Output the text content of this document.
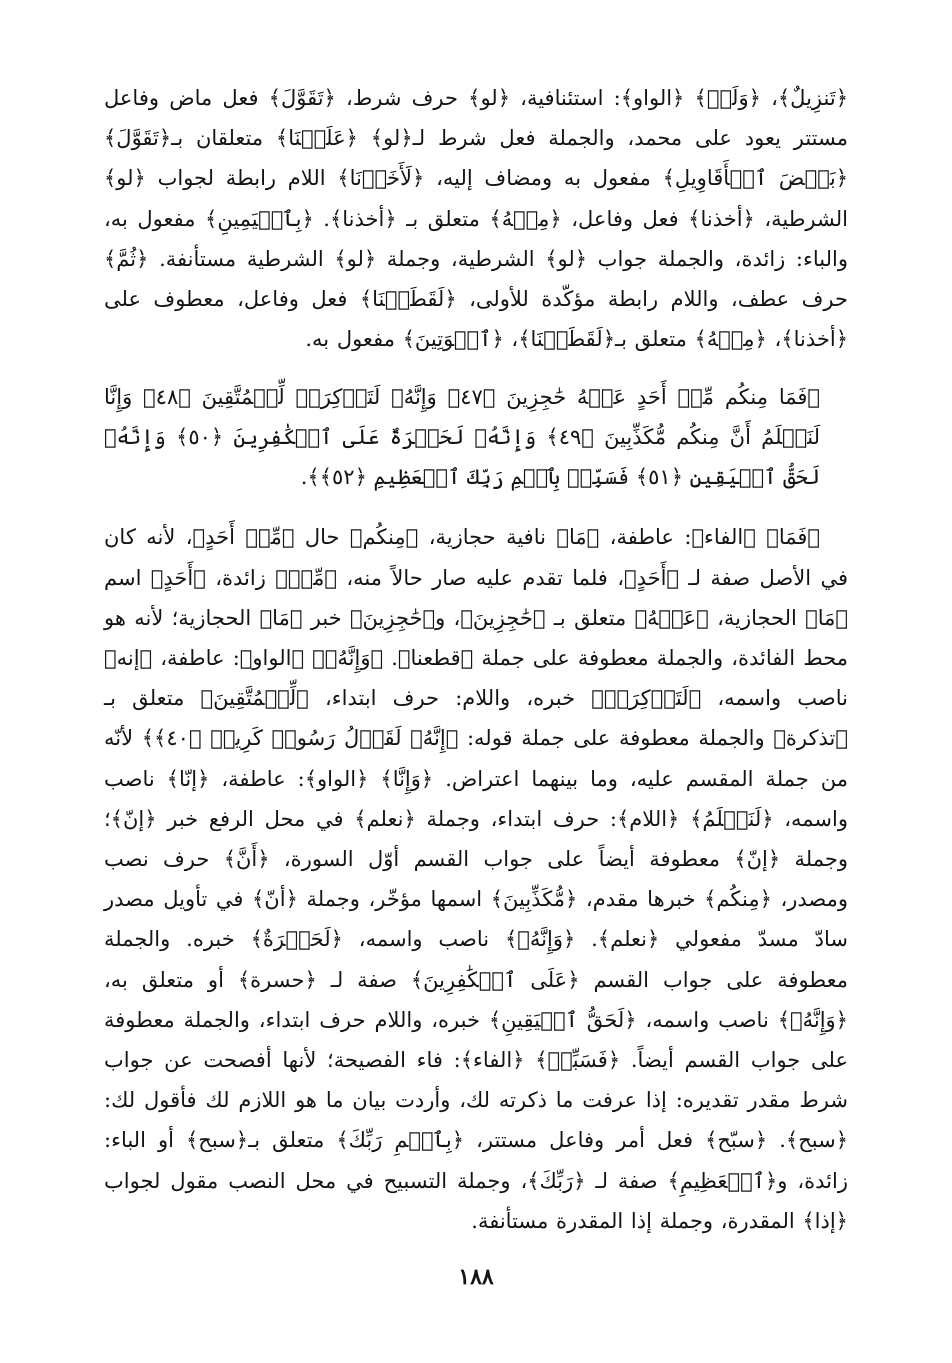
﴿تَنزِيلٌ﴾، ﴿وَلَوۡ﴾ ﴿الواو﴾: استئنافية، ﴿لو﴾ حرف شرط، ﴿تَقَوَّلَ﴾ فعل ماض وفاعل مستتر يعود على محمد، والجملة فعل شرط لـ﴿لو﴾ ﴿عَلَيۡنَا﴾ متعلقان بـ﴿تَقَوَّلَ﴾ ﴿بَعۡضَ ٱلۡأَقَاوِيلِ﴾ مفعول به ومضاف إليه، ﴿لَأَخَذۡنَا﴾ اللام رابطة لجواب ﴿لو﴾ الشرطية، ﴿أخذنا﴾ فعل وفاعل، ﴿مِنۡهُ﴾ متعلق بـ ﴿أخذنا﴾. ﴿بِٱلۡيَمِينِ﴾ مفعول به، والباء: زائدة، والجملة جواب ﴿لو﴾ الشرطية، وجملة ﴿لو﴾ الشرطية مستأنفة. ﴿ثُمَّ﴾ حرف عطف، واللام رابطة مؤكّدة للأولى، ﴿لَقَطَعۡنَا﴾ فعل وفاعل، معطوف على ﴿أخذنا﴾، ﴿مِنۡهُ﴾ متعلق بـ﴿لَقَطَعۡنَا﴾، ﴿ٱلۡوَتِينَ﴾ مفعول به.

﴿فَمَا مِنكُم مِّنۡ أَحَدٍ عَنۡهُ حَٰجِزِينَ ﴿٤٧﴾ وَإِنَّهُۥ لَتَذۡكِرَةٞ لِّلۡمُتَّقِينَ ﴿٤٨﴾ وَإِنَّا لَنَعۡلَمُ أَنَّ مِنكُم مُّكَذِّبِينَ ﴿٤٩﴾ وَإِنَّهُۥ لَحَسۡرَةٌ عَلَى ٱلۡكَٰفِرِينَ ﴿٥٠﴾ وَإِنَّهُۥ لَحَقُّ ٱلۡيَقِينِ ﴿٥١﴾ فَسَبِّحۡ بِٱسۡمِ رَبِّكَ ٱلۡعَظِيمِ ﴿٥٢﴾﴾.

﴿فَمَا﴾ ﴿الفاء﴾: عاطفة، ﴿مَا﴾ نافية حجازية، ﴿مِنكُم﴾ حال ﴿مِّنۡ أَحَدٍ﴾، لأنه كان في الأصل صفة لـ ﴿أَحَدٍ﴾، فلما تقدم عليه صار حالاً منه، ﴿مِّنۡ﴾ زائدة، ﴿أَحَدٍ﴾ اسم ﴿مَا﴾ الحجازية، ﴿عَنۡهُ﴾ متعلق بـ ﴿حَٰجِزِينَ﴾، و﴿حَٰجِزِينَ﴾ خبر ﴿مَا﴾ الحجازية؛ لأنه هو محط الفائدة، والجملة معطوفة على جملة ﴿قطعنا﴾. ﴿وَإِنَّهُۥ﴾ ﴿الواو﴾: عاطفة، ﴿إنه﴾ ناصب واسمه، ﴿لَتَذۡكِرَةٞ﴾ خبره، واللام: حرف ابتداء، ﴿لِّلۡمُتَّقِينَ﴾ متعلق بـ ﴿تذكرة﴾ والجملة معطوفة على جملة قوله: ﴿إِنَّهُۥ لَقَوۡلُ رَسُولٖ كَرِيمٖ ﴿٤٠﴾﴾ لأنّه من جملة المقسم عليه، وما بينهما اعتراض. ﴿وَإِنَّا﴾ ﴿الواو﴾: عاطفة، ﴿إنّا﴾ ناصب واسمه، ﴿لَنَعۡلَمُ﴾ ﴿اللام﴾: حرف ابتداء، وجملة ﴿نعلم﴾ في محل الرفع خبر ﴿إنّ﴾؛ وجملة ﴿إنّ﴾ معطوفة أيضاً على جواب القسم أوّل السورة، ﴿أَنَّ﴾ حرف نصب ومصدر، ﴿مِنكُم﴾ خبرها مقدم، ﴿مُّكَذِّبِينَ﴾ اسمها مؤخّر، وجملة ﴿أنّ﴾ في تأويل مصدر سادّ مسدّ مفعولي ﴿نعلم﴾. ﴿وَإِنَّهُۥ﴾ ناصب واسمه، ﴿لَحَسۡرَةٌ﴾ خبره. والجملة معطوفة على جواب القسم ﴿عَلَى ٱلۡكَٰفِرِينَ﴾ صفة لـ ﴿حسرة﴾ أو متعلق به، ﴿وَإِنَّهُۥ﴾ ناصب واسمه، ﴿لَحَقُّ ٱلۡيَقِينِ﴾ خبره، واللام حرف ابتداء، والجملة معطوفة على جواب القسم أيضاً. ﴿فَسَبِّحۡ﴾ ﴿الفاء﴾: فاء الفصيحة؛ لأنها أفصحت عن جواب شرط مقدر تقديره: إذا عرفت ما ذكرته لك، وأردت بيان ما هو اللازم لك فأقول لك: ﴿سبح﴾. ﴿سبّح﴾ فعل أمر وفاعل مستتر، ﴿بِٱسۡمِ رَبِّكَ﴾ متعلق بـ﴿سبح﴾ أو الباء: زائدة، و﴿ٱلۡعَظِيمِ﴾ صفة لـ ﴿رَبِّكَ﴾، وجملة التسبيح في محل النصب مقول لجواب ﴿إذا﴾ المقدرة، وجملة إذا المقدرة مستأنفة.

١٨٨
